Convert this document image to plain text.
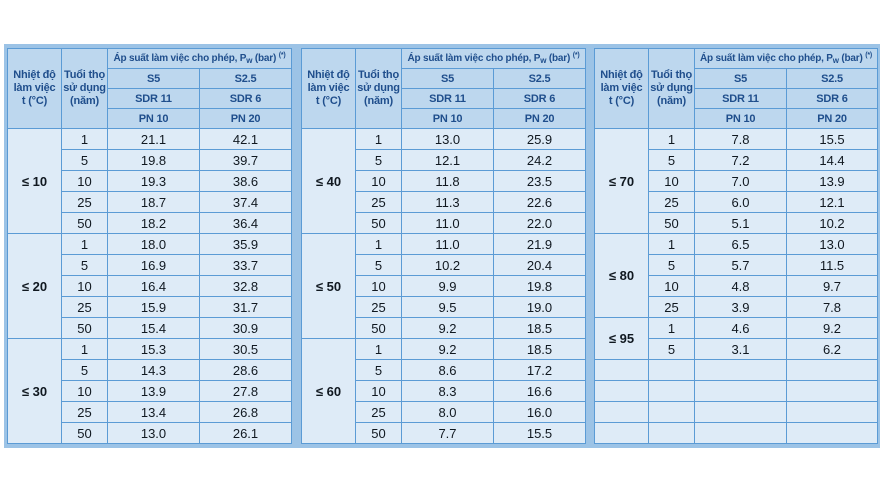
Nhiệt độ
làm việc
t (°C)	Tuổi thọ
sử dụng
(năm)	Áp suất làm việc cho phép, $P_w$ (bar) (*)
		S5	S2.5
		SDR 11	SDR 6
		PN 10	PN 20
≤ 10	1	21.1	42.1
	5	19.8	39.7
	10	19.3	38.6
	25	18.7	37.4
	50	18.2	36.4
≤ 20	1	18.0	35.9
	5	16.9	33.7
	10	16.4	32.8
	25	15.9	31.7
	50	15.4	30.9
≤ 30	1	15.3	30.5
	5	14.3	28.6
	10	13.9	27.8
	25	13.4	26.8
	50	13.0	26.1
Nhiệt độ
làm việc
t (°C)	Tuổi thọ
sử dụng
(năm)	Áp suất làm việc cho phép, $P_w$ (bar) (*)
		S5	S2.5
		SDR 11	SDR 6
		PN 10	PN 20
≤ 40	1	13.0	25.9
	5	12.1	24.2
	10	11.8	23.5
	25	11.3	22.6
	50	11.0	22.0
≤ 50	1	11.0	21.9
	5	10.2	20.4
	10	9.9	19.8
	25	9.5	19.0
	50	9.2	18.5
≤ 60	1	9.2	18.5
	5	8.6	17.2
	10	8.3	16.6
	25	8.0	16.0
	50	7.7	15.5
Nhiệt độ
làm việc
t (°C)	Tuổi thọ
sử dụng
(năm)	Áp suất làm việc cho phép, $P_w$ (bar) (*)
		S5	S2.5
		SDR 11	SDR 6
		PN 10	PN 20
≤ 70	1	7.8	15.5
	5	7.2	14.4
	10	7.0	13.9
	25	6.0	12.1
	50	5.1	10.2
≤ 80	1	6.5	13.0
	5	5.7	11.5
	10	4.8	9.7
	25	3.9	7.8
≤ 95	1	4.6	9.2
	5	3.1	6.2
